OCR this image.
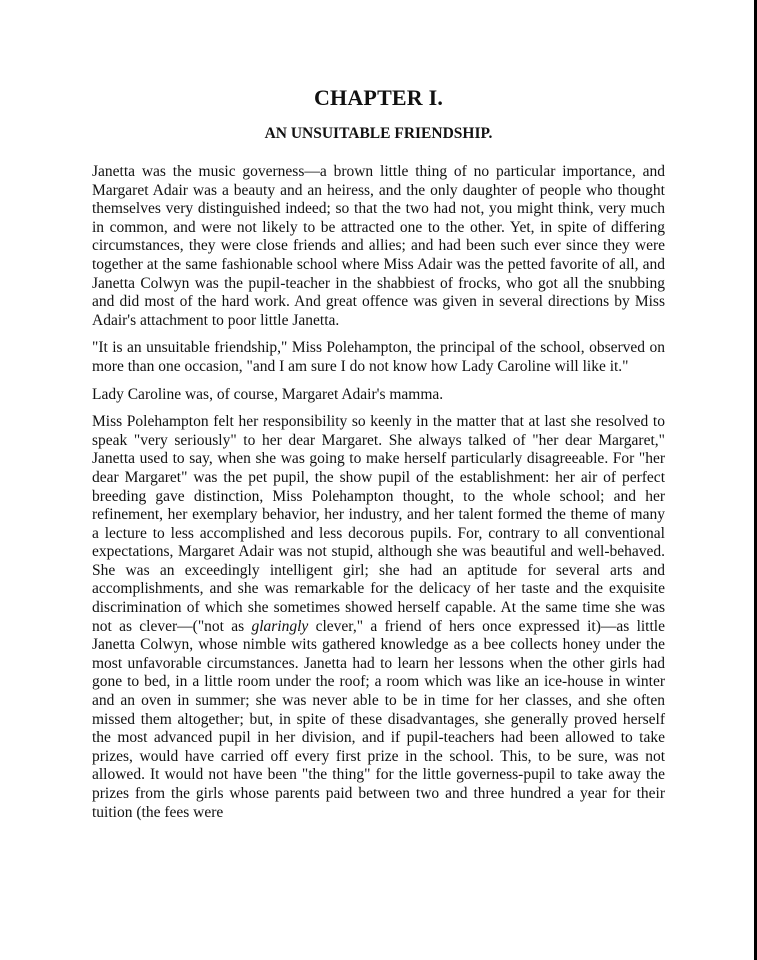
CHAPTER I.
AN UNSUITABLE FRIENDSHIP.

Janetta was the music governess—a brown little thing of no particular importance, and Margaret Adair was a beauty and an heiress, and the only daughter of people who thought themselves very distinguished indeed; so that the two had not, you might think, very much in common, and were not likely to be attracted one to the other. Yet, in spite of differing circumstances, they were close friends and allies; and had been such ever since they were together at the same fashionable school where Miss Adair was the petted favorite of all, and Janetta Colwyn was the pupil-teacher in the shabbiest of frocks, who got all the snubbing and did most of the hard work. And great offence was given in several directions by Miss Adair's attachment to poor little Janetta.

"It is an unsuitable friendship," Miss Polehampton, the principal of the school, observed on more than one occasion, "and I am sure I do not know how Lady Caroline will like it."

Lady Caroline was, of course, Margaret Adair's mamma.

Miss Polehampton felt her responsibility so keenly in the matter that at last she resolved to speak "very seriously" to her dear Margaret. She always talked of "her dear Margaret," Janetta used to say, when she was going to make herself particularly disagreeable. For "her dear Margaret" was the pet pupil, the show pupil of the establishment: her air of perfect breeding gave distinction, Miss Polehampton thought, to the whole school; and her refinement, her exemplary behavior, her industry, and her talent formed the theme of many a lecture to less accomplished and less decorous pupils. For, contrary to all conventional expectations, Margaret Adair was not stupid, although she was beautiful and well-behaved. She was an exceedingly intelligent girl; she had an aptitude for several arts and accomplishments, and she was remarkable for the delicacy of her taste and the exquisite discrimination of which she sometimes showed herself capable. At the same time she was not as clever—("not as glaringly clever," a friend of hers once expressed it)—as little Janetta Colwyn, whose nimble wits gathered knowledge as a bee collects honey under the most unfavorable circumstances. Janetta had to learn her lessons when the other girls had gone to bed, in a little room under the roof; a room which was like an ice-house in winter and an oven in summer; she was never able to be in time for her classes, and she often missed them altogether; but, in spite of these disadvantages, she generally proved herself the most advanced pupil in her division, and if pupil-teachers had been allowed to take prizes, would have carried off every first prize in the school. This, to be sure, was not allowed. It would not have been "the thing" for the little governess-pupil to take away the prizes from the girls whose parents paid between two and three hundred a year for their tuition (the fees were
